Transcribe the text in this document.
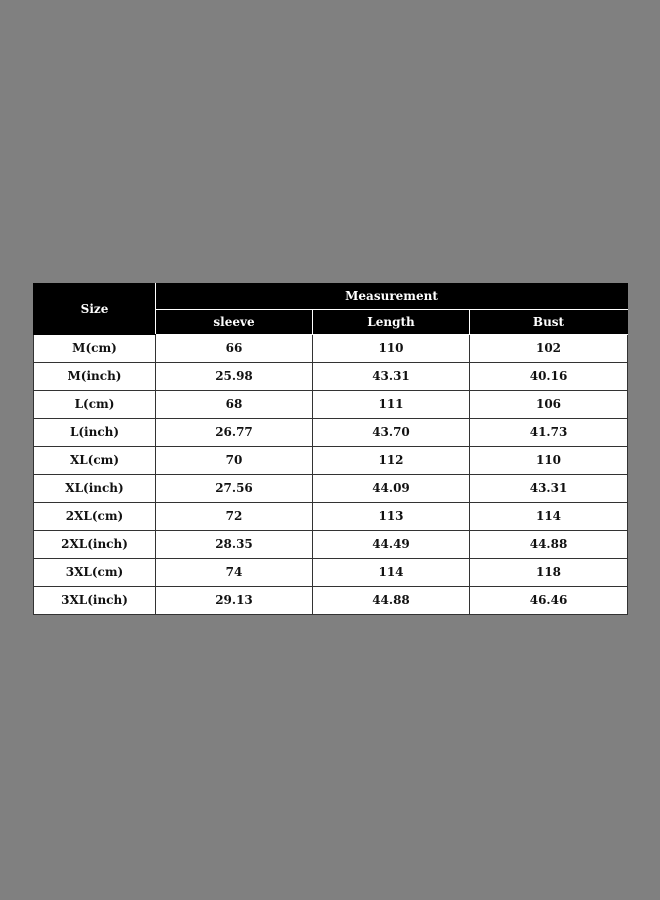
Size	Measurement		
	sleeve	Length	Bust
M(cm)	66	110	102
M(inch)	25.98	43.31	40.16
L(cm)	68	111	106
L(inch)	26.77	43.70	41.73
XL(cm)	70	112	110
XL(inch)	27.56	44.09	43.31
2XL(cm)	72	113	114
2XL(inch)	28.35	44.49	44.88
3XL(cm)	74	114	118
3XL(inch)	29.13	44.88	46.46
